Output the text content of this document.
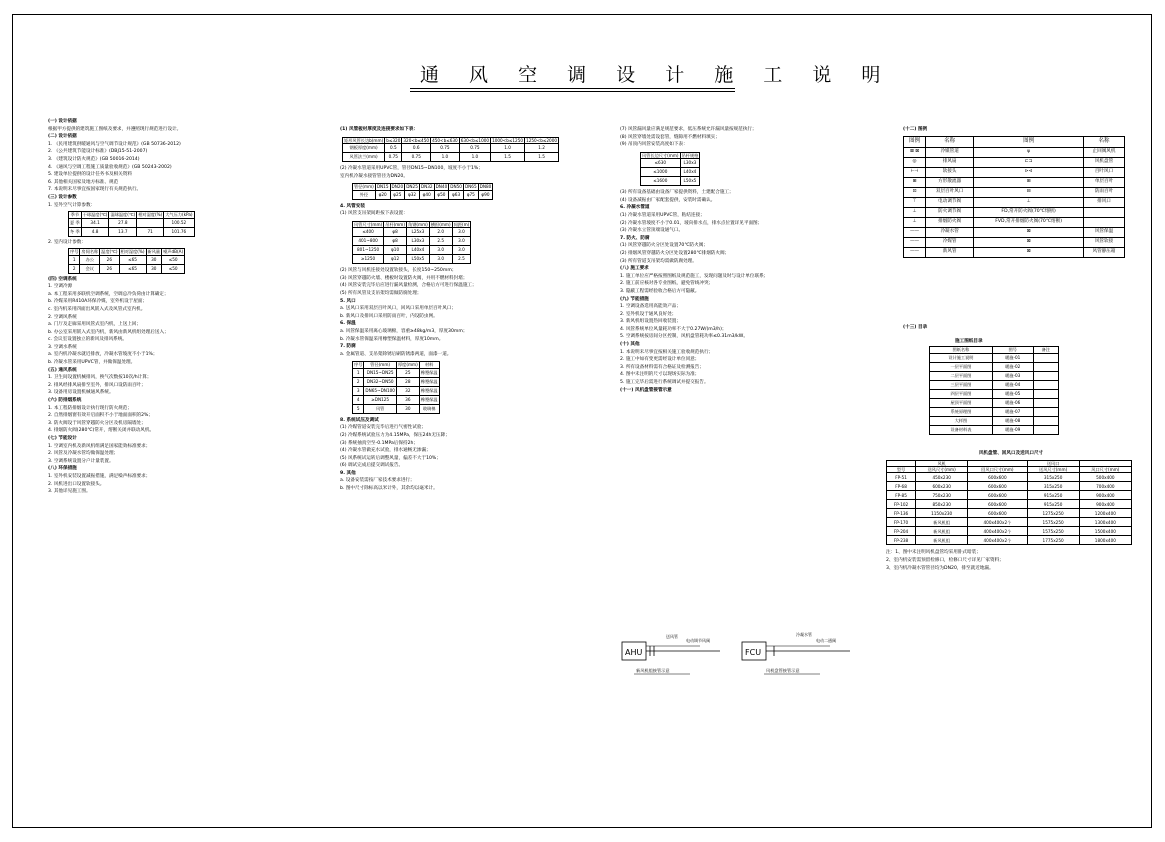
通 风 空 调 设 计 施 工 说 明
(一) 设计依据
根据甲方提供的建筑施工图纸及要求，并遵照现行规范进行设计。
(二) 设计依据
1. 《民用建筑供暖通风与空气调节设计规范》(GB 50736-2012)
2. 《公共建筑节能设计标准》(DBJ15-51-2007)
3. 《建筑设计防火规范》(GB 50016-2014)
4. 《通风与空调工程施工质量验收规范》(GB 50243-2002)
5. 建设单位提供的设计任务书及相关资料
6. 其他相关国家及地方标准、规范
7. 本说明未尽事宜按国家现行有关规范执行。
(三) 设计参数
1. 室外空气计算参数：
季节	干球温度(℃)	湿球温度(℃)	相对湿度(%)	大气压力(kPa)
夏 季	34.1	27.8		100.52
冬 季	4.8	13.7	71	101.76
2. 室内设计参数：
序号	房间名称	温度(℃)	相对湿度(%)	新风量	噪声dB(A)
1	办公	26	≤65	30	≤50
2	会议	26	≤65	30	≤50
(四) 空调系统
1. 空调冷源
a. 本工程采用多联机空调系统，空调总冷负荷由计算确定；
b. 冷媒采用R410A环保冷媒，室外机设于屋面；
c. 室内机采用四面出风嵌入式及风管式室内机。
2. 空调风系统
a. 门厅及走廊采用风管式室内机，上送上回；
b. 办公室采用嵌入式室内机，新风由新风机组处理后送入；
c. 会议室设置独立的新风及排风系统。
3. 空调水系统
a. 室内机冷凝水就近排放，冷凝水管坡度不小于1%；
b. 冷凝水管采用UPVC管，并做保温处理。
(五) 通风系统
1. 卫生间设置机械排风，换气次数按10次/h计算；
2. 排风经排风扇排至室外，排风口设防雨百叶；
3. 设备用房设置机械通风系统。
(六) 防排烟系统
1. 本工程防排烟设计执行现行防火规范；
2. 自然排烟窗有效开启面积不小于地面面积的2%；
3. 防火阀设于风管穿越防火分区及机房隔墙处；
4. 排烟防火阀(280℃)常开，熔断关闭并联动风机。
(七) 节能设计
1. 空调室内机及新风机组满足国家能效标准要求；
2. 风管及冷凝水管均做保温处理；
3. 空调系统设置分户计量装置。
(八) 环保措施
1. 室外机安装设置减振措施，满足噪声标准要求；
2. 风机进出口设置软接头。
3. 其他详见施工图。
(1) 风管板材厚度及连接要求如下表：
矩形风管长边b(mm)	b≤320	320<b≤450	450<b≤630	630<b≤1000	1000<b≤1250	1250<b≤2000
钢板厚度(mm)	0.5	0.6	0.75	0.75	1.0	1.2
风管法兰(mm)	0.75	0.75	1.0	1.0	1.5	1.5
(2) 冷凝水管道采用UPVC管，管径DN15~DN100，坡度不小于1%；
室内机冷凝水接管管径为DN20。
管径(mm)	DN15	DN20	DN25	DN32	DN40	DN50	DN65	DN80
外径	φ20	φ25	φ32	φ40	φ50	φ63	φ75	φ90
4. 风管安装
(1) 风管支吊架间距按下表设置：
风管尺寸(mm)	吊杆(mm)	角钢(mm)	横担(mm)	间距(m)
≤400	φ8	L25x3	2.0	3.0
401~800	φ8	L30x3	2.5	3.0
801~1250	φ10	L40x4	3.0	3.0
≥1250	φ12	L50x5	3.0	2.5
(2) 风管与风机连接处设置软接头，长度150~250mm；
(3) 风管穿越防火墙、楼板时设置防火阀，并用不燃材料封堵；
(4) 风管安装完毕后应进行漏风量检测，合格后方可进行保温施工；
(5) 所有风管及支吊架均需做防腐处理；
5. 风口
a. 送风口采用双层百叶风口，回风口采用单层百叶风口；
b. 新风口及排风口采用防雨百叶，内设防虫网。
6. 保温
a. 风管保温采用离心玻璃棉，容重≥48kg/m3，厚度30mm；
b. 冷凝水管保温采用橡塑保温材料，厚度10mm。
7. 防腐
a. 金属管道、支吊架除锈后刷防锈漆两道，面漆一道。
序号	管径(mm)	厚度(mm)	材料
1	DN15~DN25	25	橡塑保温
2	DN32~DN50	28	橡塑保温
3	DN65~DN100	32	橡塑保温
4	≥DN125	36	橡塑保温
5	风管	30	玻璃棉
8. 系统试压及调试
(1) 冷媒管道安装完毕后进行气密性试验；
(2) 冷媒系统试验压力为4.15MPa，保压24h无压降；
(3) 系统抽真空至-0.1MPa后保持2h；
(4) 冷凝水管做充水试验，排水通畅无渗漏；
(5) 风系统试运转后调整风量，偏差不大于10%；
(6) 调试完成后提交调试报告。
9. 其他
a. 设备安装需按厂家技术要求进行；
b. 图中尺寸除标高以米计外，其余均以毫米计。
(7) 风管漏风量应满足规范要求，低压系统允许漏风量按规范执行；
(8) 风管穿墙处需设套管，缝隙用不燃材料填实；
(9) 吊顶内风管安装高度如下表：
风管长边尺寸(mm)	吊杆规格
≤630	L30x3
≤1000	L40x4
≤1600	L50x5
(3) 所有设备基础由设备厂家提供资料，土建配合施工；
(4) 设备减振由厂家配套提供，安装时需确认。
6. 冷凝水管道
(1) 冷凝水管道采用UPVC管，粘结连接；
(2) 冷凝水管坡度不小于0.01，坡向排水点，排水点位置详见平面图；
(3) 冷凝水立管顶端设通气口。
7. 防火、防腐
(1) 风管穿越防火分区处设置70℃防火阀；
(2) 排烟风管穿越防火分区处设置280℃排烟防火阀；
(3) 所有管道支吊架均需做防腐处理。
(八) 施工要求
1. 施工单位应严格按照图纸及规范施工，发现问题及时与设计单位联系；
2. 施工前应核对各专业图纸，避免管线冲突；
3. 隐蔽工程需经验收合格后方可隐蔽。
(九) 节能措施
1. 空调设备选用高能效产品；
2. 室外机设于通风良好处；
3. 新风机组设置热回收装置；
4. 风管系统单位风量耗功率不大于0.27W/(m3/h)；
5. 空调系统按房间分区控制，风机盘管耗功率≤0.31m3/kW。
(十) 其他
1. 本说明未尽事宜按相关施工验收规范执行；
2. 施工中如有变更需经设计单位同意；
3. 所有设备材料需有合格证及检测报告；
4. 图中未注明的尺寸以现场实际为准；
5. 施工完毕后需进行系统调试并提交报告。
(十一) 风机盘管接管示意
AHU
送风管
电动调节风阀
新风机组接管示意
FCU
冷凝水管
电动二通阀
风机盘管接管示意
(十二) 图例
图例	名称	图例	名称
⊠ ⊠	冷媒管道	ψ	止回阀风机
◎	排风扇	⊏⊐	风机盘管
⊢⊣	软接头	⊳⊲	百叶风口
⊞	方形散流器	⊞	单层百叶
⊡	双层百叶风口	⊟	防雨百叶
⊤	电动调节阀	⊥	排风口
⊥	防火调节阀	FD,常开防火阀(70℃熔断)	
⊥	排烟防火阀	FVD,常开排烟防火阀(70℃熔断)	
——	冷凝水管	⊠	风管保温
——	冷媒管	⊠	风管软接
——	新风管	⊠	风管静压箱
(十三) 目录
施工图纸目录
图纸名称	图号	备注
设计施工说明	暖施-01	
一层平面图	暖施-02	
二层平面图	暖施-03	
三层平面图	暖施-04	
四层平面图	暖施-05	
屋顶平面图	暖施-06	
系统原理图	暖施-07	
大样图	暖施-08	
设备材料表	暖施-09	
风机盘管、回风口及送风口尺寸
	风机		送风口	
型号	送风尺寸(mm)	回风口尺寸(mm)	送风尺寸(mm)	风口尺寸(mm)
FP-51	450x230	600x600	315x250	500x400
FP-68	600x230	600x600	315x250	700x400
FP-85	750x230	600x600	915x250	900x400
FP-102	850x230	600x600	915x250	900x400
FP-136	1150x230	600x600	1275x250	1200x400
FP-170	新风机组	400x400x2个	1575x250	1300x400
FP-204	新风机组	400x400x2个	1575x250	1500x400
FP-238	新风机组	400x400x2个	1775x250	1800x400
注：1、图中未注明风机盘管均采用卧式暗装；
2、室内机安装需预留检修口，检修口尺寸详见厂家资料；
3、室内机冷凝水管管径均为DN20，排至就近地漏。
